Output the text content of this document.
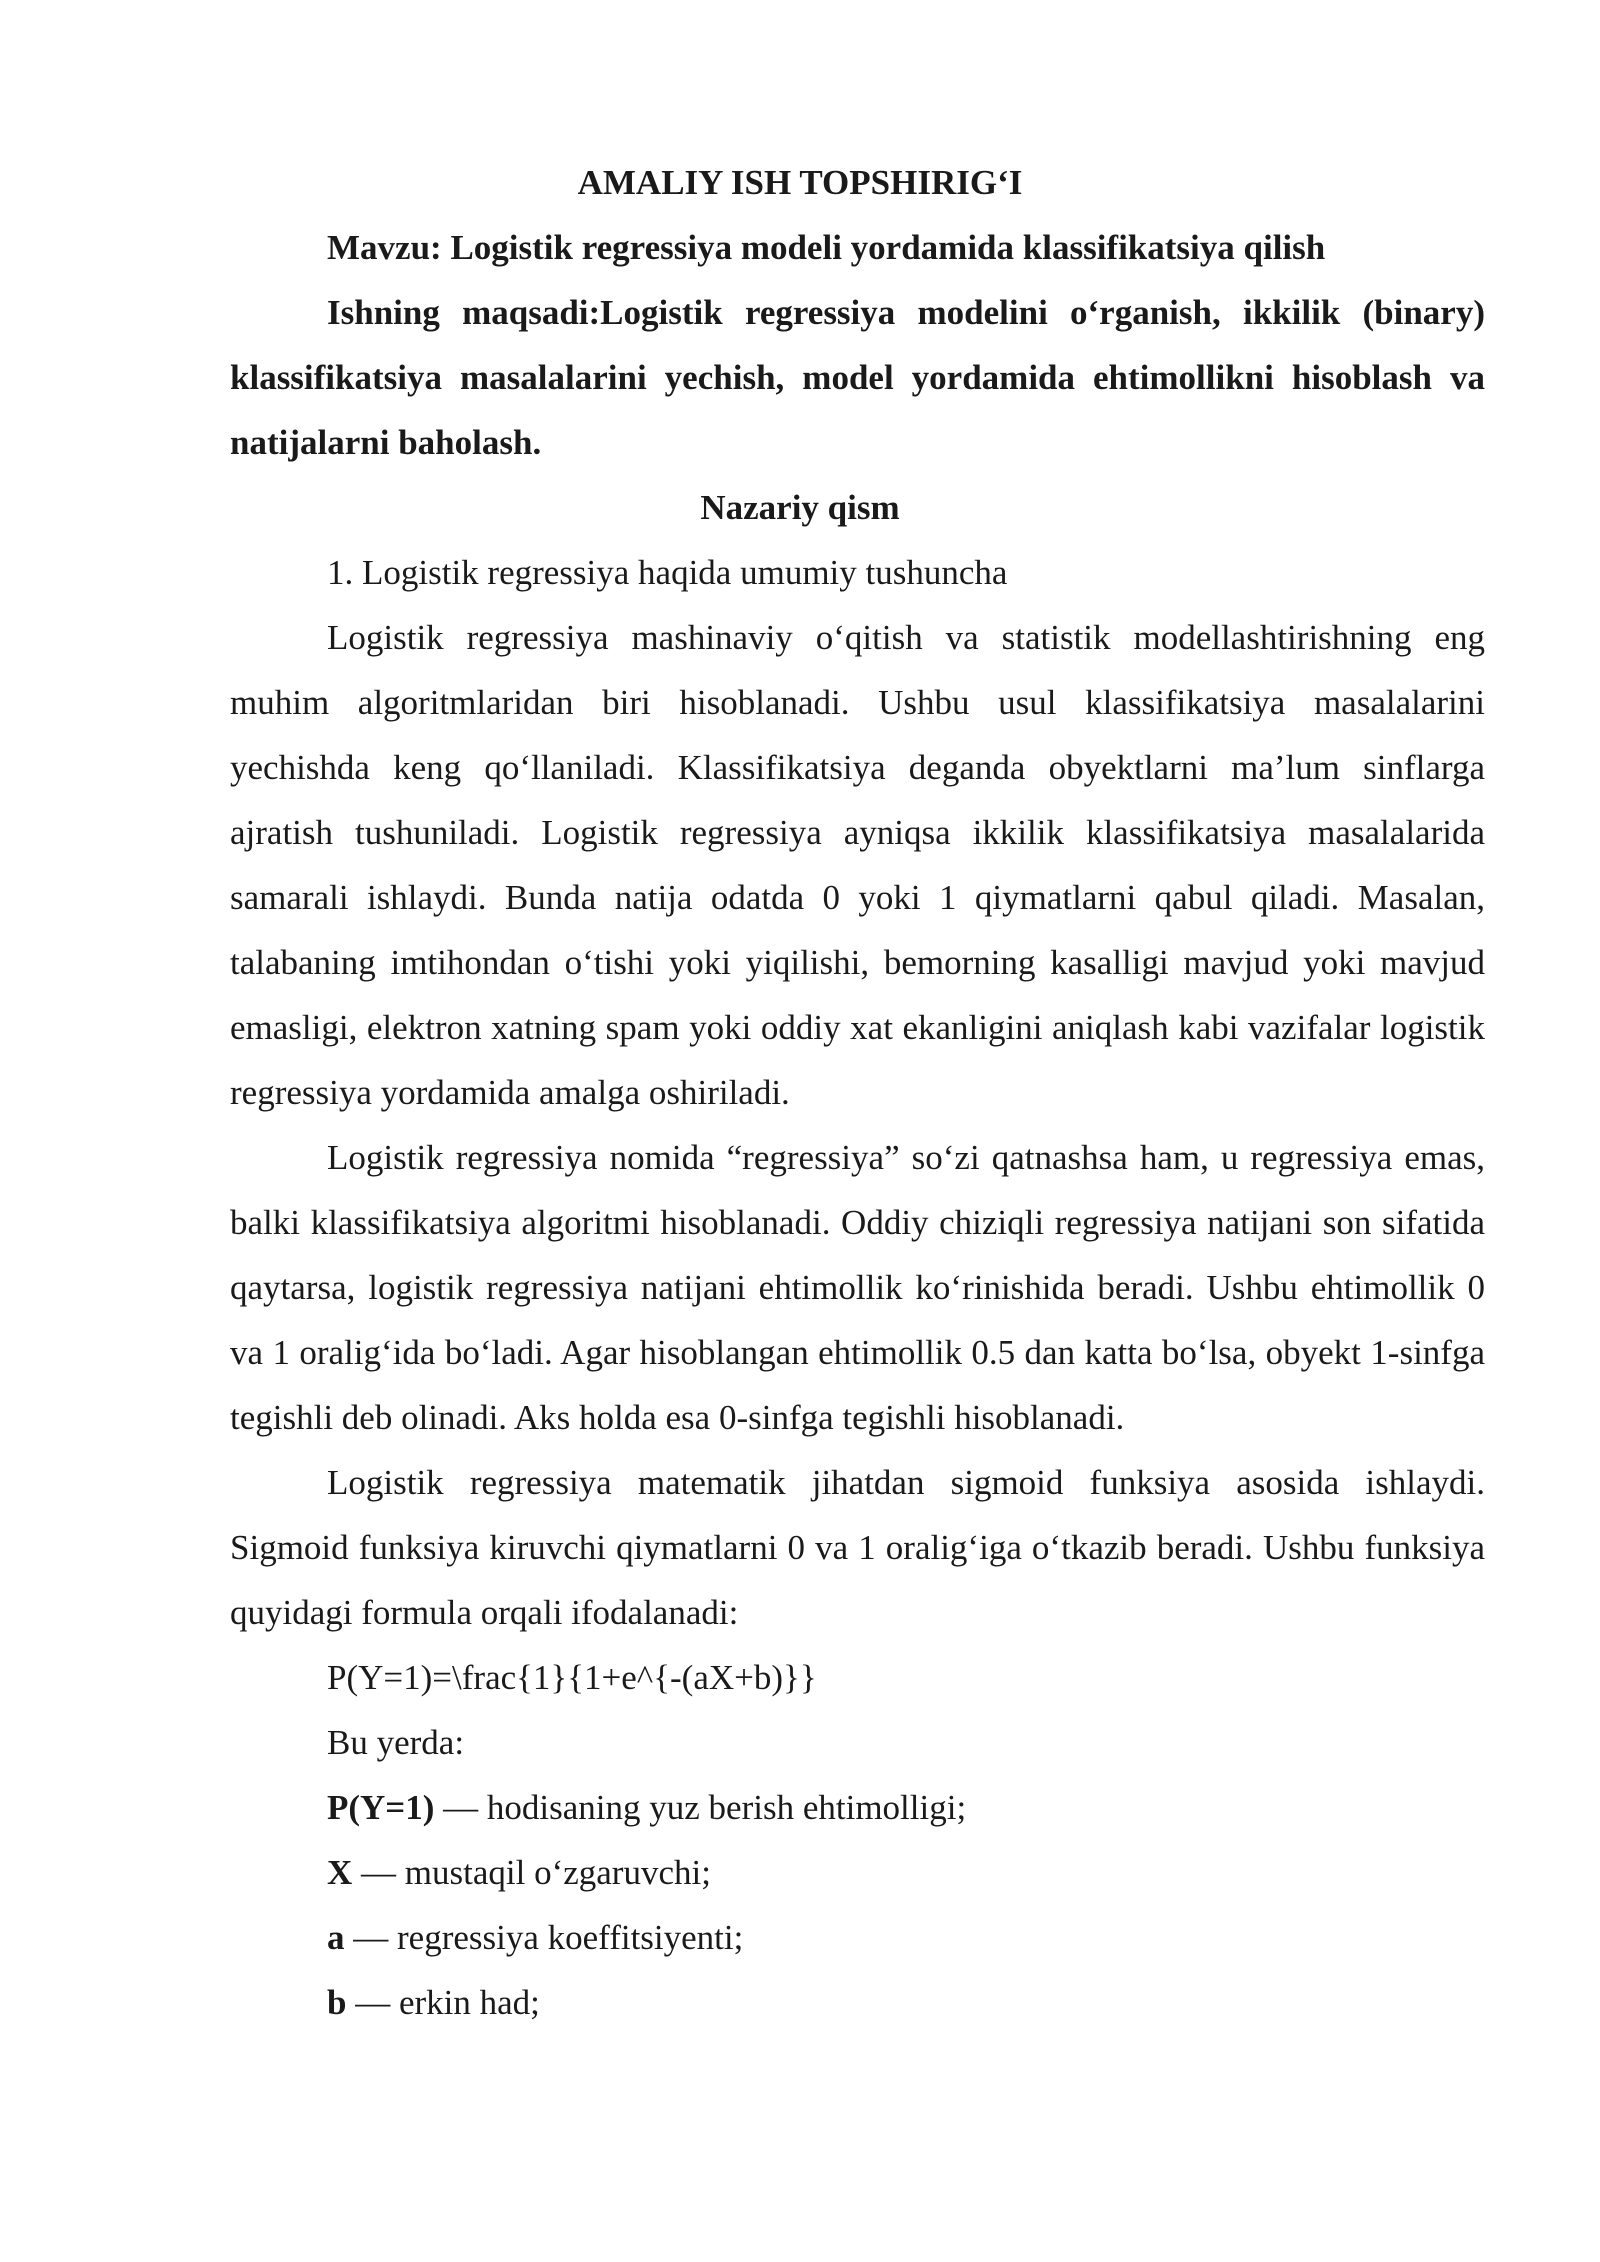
AMALIY ISH TOPSHIRIG‘I

Mavzu: Logistik regressiya modeli yordamida klassifikatsiya qilish

Ishning maqsadi:Logistik regressiya modelini o‘rganish, ikkilik (binary) klassifikatsiya masalalarini yechish, model yordamida ehtimollikni hisoblash va natijalarni baholash.

Nazariy qism

1. Logistik regressiya haqida umumiy tushuncha

Logistik regressiya mashinaviy o‘qitish va statistik modellashtirishning eng muhim algoritmlaridan biri hisoblanadi. Ushbu usul klassifikatsiya masalalarini yechishda keng qo‘llaniladi. Klassifikatsiya deganda obyektlarni ma’lum sinflarga ajratish tushuniladi. Logistik regressiya ayniqsa ikkilik klassifikatsiya masalalarida samarali ishlaydi. Bunda natija odatda 0 yoki 1 qiymatlarni qabul qiladi. Masalan, talabaning imtihondan o‘tishi yoki yiqilishi, bemorning kasalligi mavjud yoki mavjud emasligi, elektron xatning spam yoki oddiy xat ekanligini aniqlash kabi vazifalar logistik regressiya yordamida amalga oshiriladi.

Logistik regressiya nomida “regressiya” so‘zi qatnashsa ham, u regressiya emas, balki klassifikatsiya algoritmi hisoblanadi. Oddiy chiziqli regressiya natijani son sifatida qaytarsa, logistik regressiya natijani ehtimollik ko‘rinishida beradi. Ushbu ehtimollik 0 va 1 oralig‘ida bo‘ladi. Agar hisoblangan ehtimollik 0.5 dan katta bo‘lsa, obyekt 1-sinfga tegishli deb olinadi. Aks holda esa 0-sinfga tegishli hisoblanadi.

Logistik regressiya matematik jihatdan sigmoid funksiya asosida ishlaydi. Sigmoid funksiya kiruvchi qiymatlarni 0 va 1 oralig‘iga o‘tkazib beradi. Ushbu funksiya quyidagi formula orqali ifodalanadi:

P(Y=1)=\frac{1}{1+e^{-(aX+b)}}

Bu yerda:

P(Y=1) — hodisaning yuz berish ehtimolligi;

X — mustaqil o‘zgaruvchi;

a — regressiya koeffitsiyenti;

b — erkin had;
